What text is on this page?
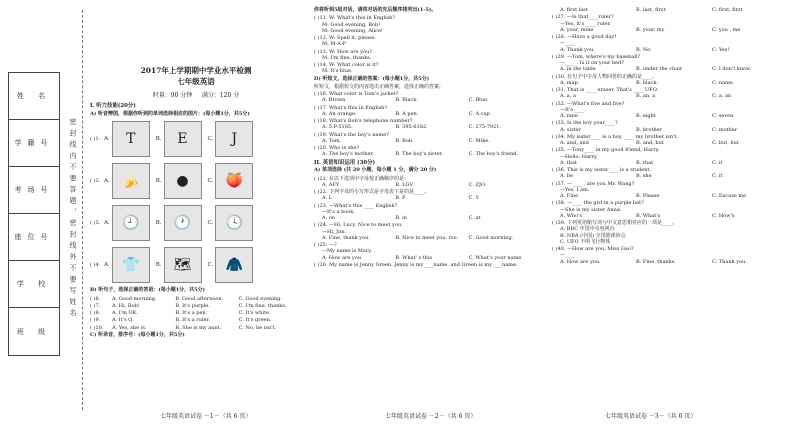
姓 名
学籍号
考场号
座位号
学 校
班 级
密 封 线 内 不 要 答 题 ， 密 封 线 外 不 要 写 姓 名
2017年上学期期中学业水平检测
七年级英语
时量：90 分钟 满分：120 分
I. 听力技能(20分)
A) 听音辨图，根据你听到的单词选择相应的图片：(每小题1分，共5分)
( )1. A. T	B. E	C. J
( )2. A. 🍌	B. ●	C. 🍑
( )3. A. 🕘	B. 🕐	C. 🕓
( )4. A. 👕	B. 🗺	C. 🧥
B) 听句子，选择正确的答语：(每小题1分，共5分)
( )6.	A. Good morning.	B. Good afternoon.	C. Good evening.
( )7.	A. Hi, Bob!	B. It's purple.	C. I'm fine, thanks.
( )8.	A. I'm OK.	B. It's a pen.	C. It's white.
( )9.	A. It's Q.	B. It's a ruler.	C. It's green.
( )10.	A. Yes, she is.	B. She is my aunt.	C. No, he isn't.
C) 听录音，排序号：(每小题1分，共5分)
你将听到5组对话，请将对话的先后顺序排列出(1-5)。
( )11. W: What's this in English?
M: Good evening, Bob!
M: Good evening, Alice!
( )12. W: Spell it, please.
M: M-A-P
( )13. W: How are you?
M: I'm fine, thanks.
( )14. W: What color is it?
M: It's blue.
D) 听短文，选择正确的答案：(每小题1分，共5分)
听短文，根据短文的内容选出正确答案，选择正确的答案。
( )16. What color is Tom's jacket?
A. Brown.	B. Black.	C. Blue.
( )17. What's this in English?
A. An orange.	B. A pen.	C. A cap.
( )18. What's Bob's telephone number?
A. 5.P-5185.	B. 395-6182.	C. 275-7921.
( )19. What's the boy's name?
A. Tom.	B. Bob.	C. Mike.
( )20. Who is she?
A. The boy's mother.	B. The boy's sister.	C. The boy's friend.
II. 英语知识运用 (30分)
A) 单项选择 (共 20 小题，每小题 1 分，满分 20 分)
( )21. 在以下选项中字母按正确顺序的是：
A. AFY	B. LGV	C. ZJO
( )22. 下列字母的小写形式是字母表下是的是____。
A. L	B. F	C. Y
( )23. —What's this ____ English?
—It's a book.
A. on	B. in	C. at
( )24. —Hi, Lucy. Nice to meet you.
—Hi, Jim.
A. Fine, thank you.	B. Nice to meet you, too.	C. Good morning.
( )25. —?
—My name is Mary.
A. How are you.	B. What' s this	C. What's your name
( )26. My name is Jenny Green. Jenny is my____name, and Green is my____name.
A. first last	B. last, first	C. first, first
( )27. —Is that____ruler?
—Yes, it's ____ ruler.
A. your, mine	B. your, my	C. you , me
( )28. —Have a good day!
—____
A. Thank you.	B. No.	C. Yes!
( )29. —Tom, where's my baseball?
—____ . Is it on your bed?
A. in the table	B. under the chair	C. I don't know.
( )30. 在句子中字母人物回答的正确的是____。
A. map.	B. black.	C. name.
( )31. That is ____ eraser. That's ____ UFO.
A. a, a	B. an, a	C. a, an
( )32. —What's five and five?
—It's ____.
A. nine	B. eight	C. seven
( )33. Is the boy your____?
A. sister	B. brother	C. mother
( )34. My sister____ is a boy, ____ my brother isn't.
A. and, and	B. and, but	C. but, but
( )35. —Tony____ in my good friend, Harry.
—Hello, Harry.
A. that	B. that	C. it
( )36. This is my sister____ is a student.
A. he	B. she	C. it
( )37. —____ , are you Mr. Wang?
—Yes, I am.
A. Fine	B. Please	C. Excuse me
( )38. —____ the girl in a purple hat?
—She is my sister Anna.
A. Who's	B. What's	C. How's
( )39. 下列英语缩写词与中文意思相对应的一项是____。
A. BBC 中国中央电视台
B. NBA (中国) 全国篮球协会
C. UFO 不明飞行物体
( )40. —How are you, Miss Gao?
—____
A. How are you.	B. Fine, thanks.	C. Thank you.
七年级英语试卷 －1－（共 6 页）	七年级英语试卷 －2－（共 6 页）	七年级英语试卷 －3－（共 6 页）
